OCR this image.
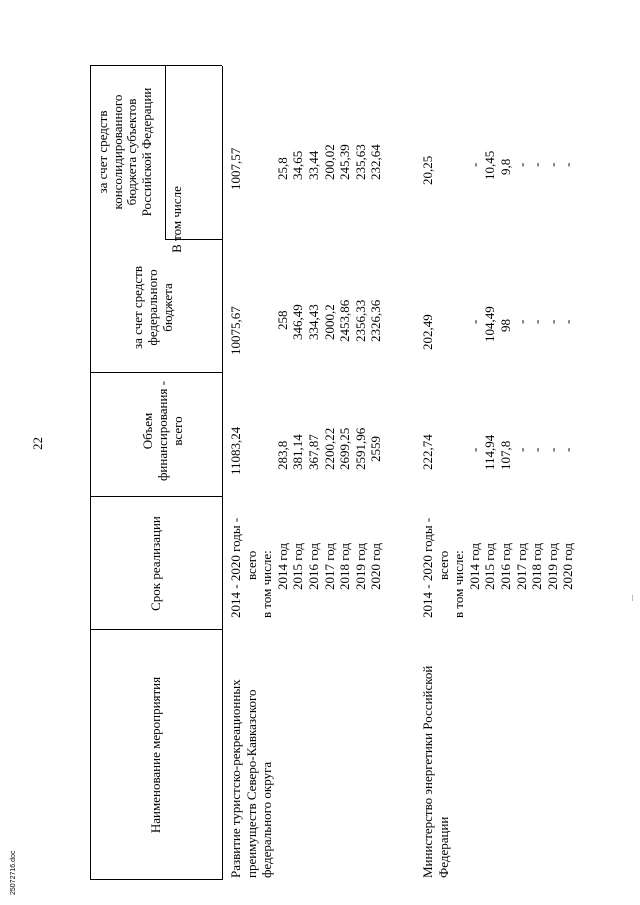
22
25072716.doc
Наименование мероприятия
Срок реализации
Объем финансирования - всего
В том числе
за счет средств федерального бюджета
за счет средств консолидированного бюджета субъектов Российской Федерации
Развитие туристско-рекреационных преимуществ Северо-Кавказского федерального округа
2014 - 2020 годы - всего в том числе: 2014 год 2015 год 2016 год 2017 год 2018 год 2019 год 2020 год
11083,24 283,8 381,14 367,87 2200,22 2699,25 2591,96 2559
10075,67 258 346,49 334,43 2000,2 2453,86 2356,33 2326,36
1007,57 25,8 34,65 33,44 200,02 245,39 235,63 232,64
Министерство энергетики Российской Федерации
2014 - 2020 годы - всего в том числе: 2014 год 2015 год 2016 год 2017 год 2018 год 2019 год 2020 год
222,74 - 114,94 107,8 - - - -
202,49 - 104,49 98 - - - -
20,25 - 10,45 9,8 - - - -
